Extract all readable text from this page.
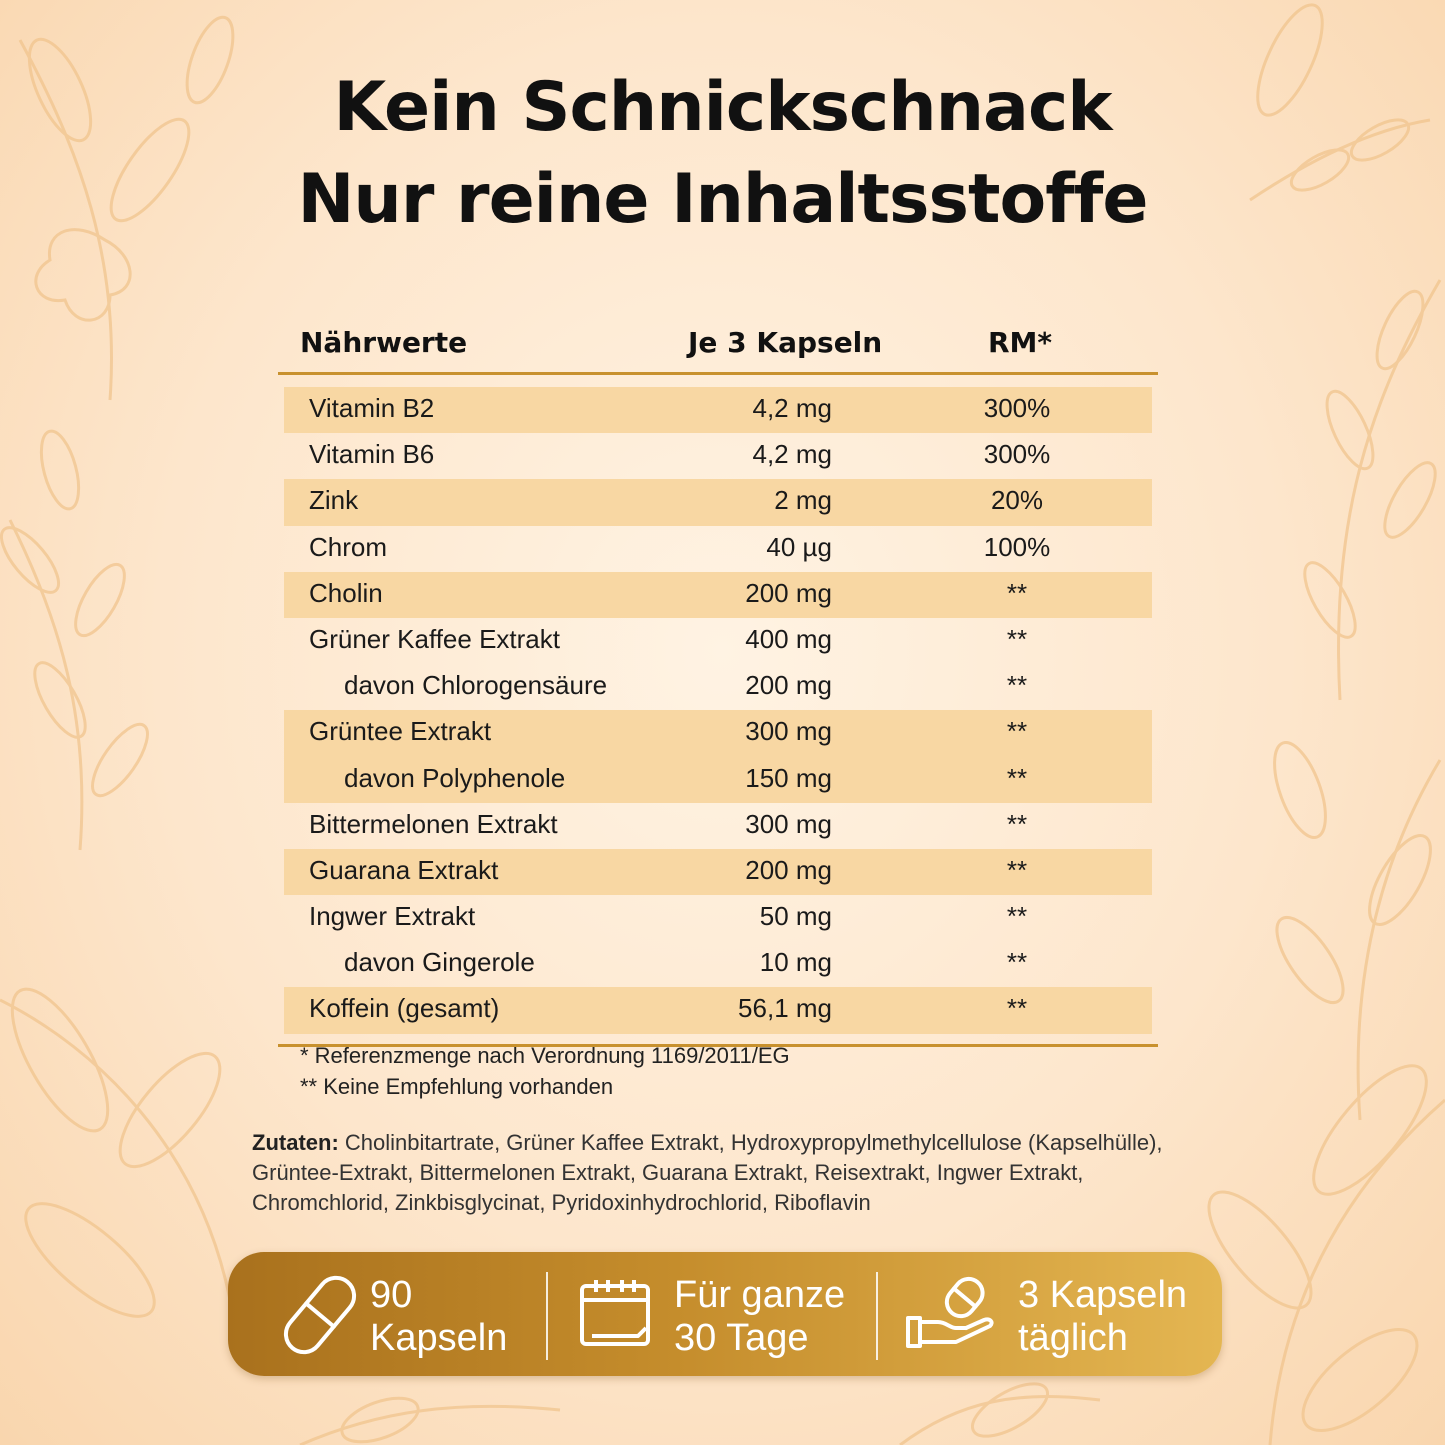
Kein Schnickschnack
Nur reine Inhaltsstoffe
Nährwerte	Je 3 Kapseln	RM*
Vitamin B2	4,2 mg	300%
Vitamin B6	4,2 mg	300%
Zink	2 mg	20%
Chrom	40 µg	100%
Cholin	200 mg	**
Grüner Kaffee Extrakt	400 mg	**
davon Chlorogensäure	200 mg	**
Grüntee Extrakt	300 mg	**
davon Polyphenole	150 mg	**
Bittermelonen Extrakt	300 mg	**
Guarana Extrakt	200 mg	**
Ingwer Extrakt	50 mg	**
davon Gingerole	10 mg	**
Koffein (gesamt)	56,1 mg	**
* Referenzmenge nach Verordnung 1169/2011/EG
** Keine Empfehlung vorhanden
Zutaten: Cholinbitartrate, Grüner Kaffee Extrakt, Hydroxypropylmethylcellulose (Kapselhülle), Grüntee-Extrakt, Bittermelonen Extrakt, Guarana Extrakt, Reisextrakt, Ingwer Extrakt, Chromchlorid, Zinkbisglycinat, Pyridoxinhydrochlorid, Riboflavin
90
Kapseln
Für ganze
30 Tage
3 Kapseln
täglich
